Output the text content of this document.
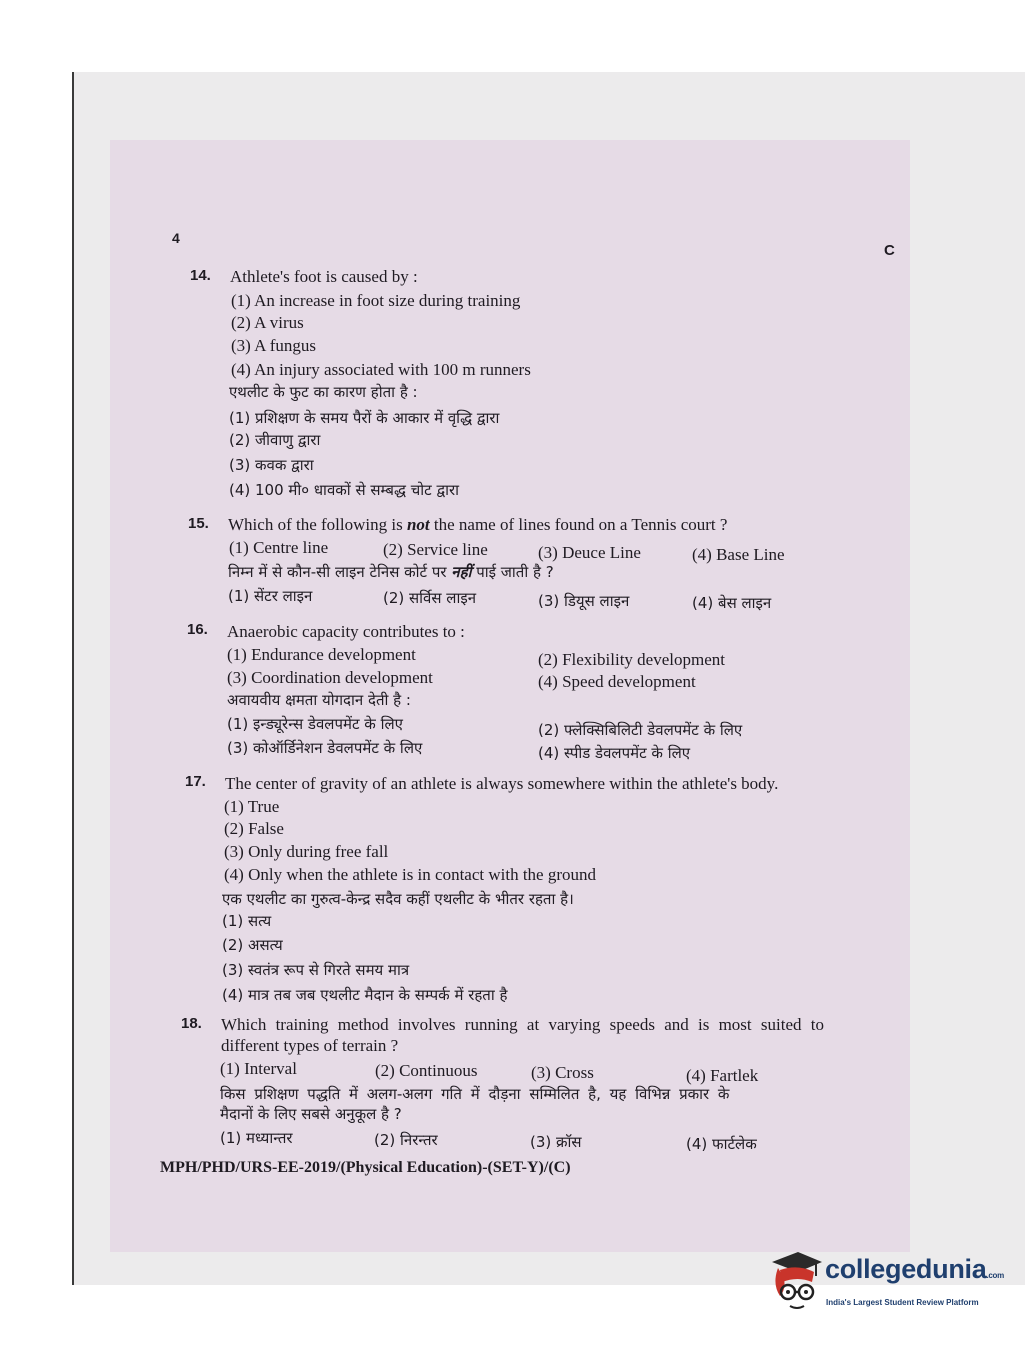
4
C
14. Athlete's foot is caused by :
(1) An increase in foot size during training
(2) A virus
(3) A fungus
(4) An injury associated with 100 m runners
एथलीट के फुट का कारण होता है :
(1) प्रशिक्षण के समय पैरों के आकार में वृद्धि द्वारा
(2) जीवाणु द्वारा
(3) कवक द्वारा
(4) 100 मी० धावकों से सम्बद्ध चोट द्वारा
15. Which of the following is not the name of lines found on a Tennis court ?
(1) Centre line	(2) Service line	(3) Deuce Line	(4) Base Line
निम्न में से कौन-सी लाइन टेनिस कोर्ट पर नहीं पाई जाती है ?
(1) सेंटर लाइन	(2) सर्विस लाइन	(3) डियूस लाइन	(4) बेस लाइन
16. Anaerobic capacity contributes to :
(1) Endurance development	(2) Flexibility development
(3) Coordination development	(4) Speed development
अवायवीय क्षमता योगदान देती है :
(1) इन्ड्यूरेन्स डेवलपमेंट के लिए	(2) फ्लेक्सिबिलिटी डेवलपमेंट के लिए
(3) कोऑर्डिनेशन डेवलपमेंट के लिए	(4) स्पीड डेवलपमेंट के लिए
17. The center of gravity of an athlete is always somewhere within the athlete's body.
(1) True
(2) False
(3) Only during free fall
(4) Only when the athlete is in contact with the ground
एक एथलीट का गुरुत्व-केन्द्र सदैव कहीं एथलीट के भीतर रहता है।
(1) सत्य
(2) असत्य
(3) स्वतंत्र रूप से गिरते समय मात्र
(4) मात्र तब जब एथलीट मैदान के सम्पर्क में रहता है
18. Which training method involves running at varying speeds and is most suited to
different types of terrain ?
(1) Interval	(2) Continuous	(3) Cross	(4) Fartlek
किस प्रशिक्षण पद्धति में अलग-अलग गति में दौड़ना सम्मिलित है, यह विभिन्न प्रकार के
मैदानों के लिए सबसे अनुकूल है ?
(1) मध्यान्तर	(2) निरन्तर	(3) क्रॉस	(4) फार्टलेक
MPH/PHD/URS-EE-2019/(Physical Education)-(SET-Y)/(C)
collegedunia.com
India's Largest Student Review Platform
